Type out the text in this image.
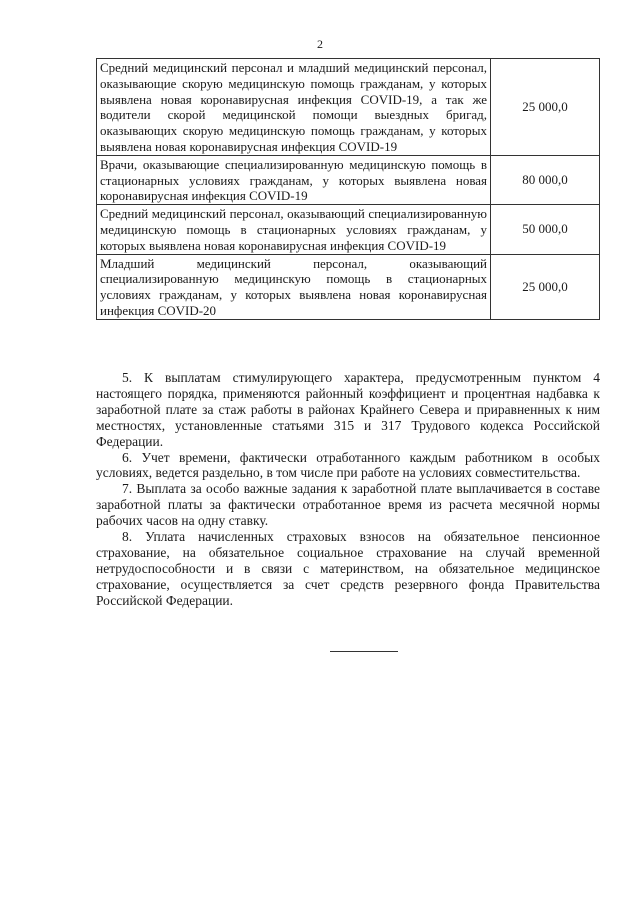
2
Средний медицинский персонал и младший медицинский персонал, оказывающие скорую медицинскую помощь гражданам, у которых выявлена новая коронавирусная инфекция COVID-19, а так же водители скорой медицинской помощи выездных бригад, оказывающих скорую медицинскую помощь гражданам, у которых выявлена новая коронавирусная инфекция COVID-19	25 000,0
Врачи, оказывающие специализированную медицинскую помощь в стационарных условиях гражданам, у которых выявлена новая коронавирусная инфекция COVID-19	80 000,0
Средний медицинский персонал, оказывающий специализированную медицинскую помощь в стационарных условиях гражданам, у которых выявлена новая коронавирусная инфекция COVID-19	50 000,0
Младший медицинский персонал, оказывающий специализированную медицинскую помощь в стационарных условиях гражданам, у которых выявлена новая коронавирусная инфекция COVID-20	25 000,0

5. К выплатам стимулирующего характера, предусмотренным пунктом 4 настоящего порядка, применяются районный коэффициент и процентная надбавка к заработной плате за стаж работы в районах Крайнего Севера и приравненных к ним местностях, установленные статьями 315 и 317 Трудового кодекса Российской Федерации.

6. Учет времени, фактически отработанного каждым работником в особых условиях, ведется раздельно, в том числе при работе на условиях совместительства.

7. Выплата за особо важные задания к заработной плате выплачивается в составе заработной платы за фактически отработанное время из расчета месячной нормы рабочих часов на одну ставку.

8. Уплата начисленных страховых взносов на обязательное пенсионное страхование, на обязательное социальное страхование на случай временной нетрудоспособности и в связи с материнством, на обязательное медицинское страхование, осуществляется за счет средств резервного фонда Правительства Российской Федерации.
